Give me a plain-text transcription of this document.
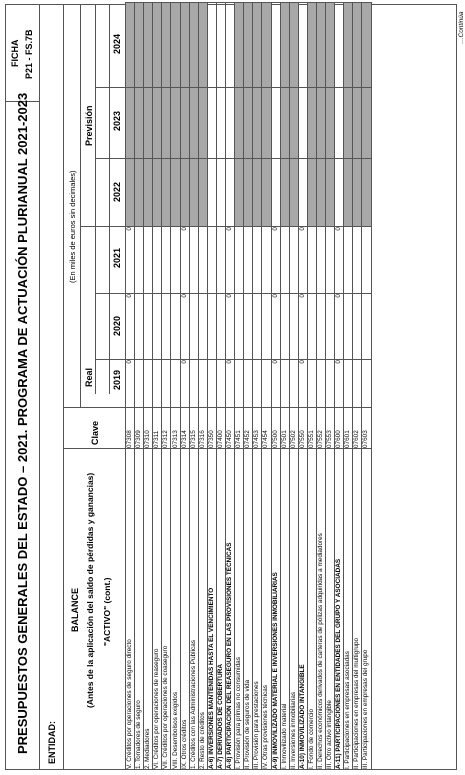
PRESUPUESTOS GENERALES DEL ESTADO – 2021. PROGRAMA DE ACTUACIÓN PLURIANUAL 2021-2023
FICHA P21 - FS.7B
ENTIDAD:
(En miles de euros sin decimales)
BALANCE (Antes de la aplicación del saldo de pérdidas y ganancias) "ACTIVO" (cont.)
Clave
Real
Previsión
2019
2020
2021
2022
2023
2024
V. Créditos por operaciones de seguro directo	07308	0	0	0			
1. Tomadores de seguro	07309						
2. Mediadores	07310						
VI. Créditos por operaciones de reaseguro	07311						
VII. Créditos por operaciones de coaseguro	07312						
VIII. Desembolsos exigidos	07313						
IX. Otros créditos	07314	0	0	0			
1. Créditos con las Administraciones Públicas	07315						
2. Resto de créditos	07316						
A-6) INVERSIONES MANTENIDAS HASTA EL VENCIMIENTO	07350						
A-7) DERIVADOS DE COBERTURA	07400						
A-8) PARTICIPACIÓN DEL REASEGURO EN LAS PROVISIONES TÉCNICAS	07450	0	0	0			
I. Provisión para primas no consumidas	07451						
II. Provisión de seguros de vida	07452						
III. Provisión para prestaciones	07453						
IV. Otras provisiones técnicas	07454						
A-9) INMOVILIZADO MATERIAL E INVERSIONES INMOBILIARIAS	07500	0	0	0			
I. Inmovilizado material	07501						
II. Inversiones inmobiliarias	07502						
A-10) INMOVILIZADO INTANGIBLE	07550	0	0	0			
I. Fondo de comercio	07551						
II. Derechos económicos derivados de carteras de pólizas adquiridas a mediadores	07552						
III. Otro activo intangible	07553						
A-11) PARTICIPACIONES EN ENTIDADES DEL GRUPO Y ASOCIADAS	07600	0	0	0			
I. Participaciones en empresas asociadas	07601						
II. Participaciones en empresas del multigrupo	07602						
III. Participaciones en empresas del grupo	07603						
…Continúa
